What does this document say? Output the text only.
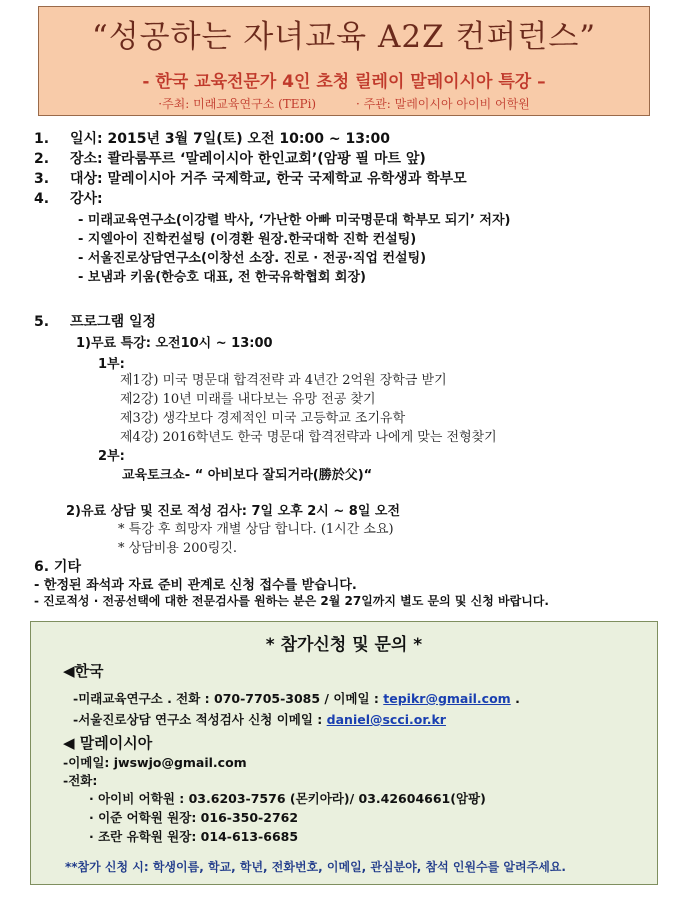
“성공하는 자녀교육 A2Z 컨퍼런스”
- 한국 교육전문가 4인 초청 릴레이 말레이시아 특강 –
·주최: 미래교육연구소 (TEPi)	· 주관: 말레이시아 아이비 어학원
1. 일시: 2015년 3월 7일(토) 오전 10:00 ~ 13:00
2. 장소: 콸라룸푸르 ‘말레이시아 한인교회’(암팡 필 마트 앞)
3. 대상: 말레이시아 거주 국제학교, 한국 국제학교 유학생과 학부모
4. 강사:
- 미래교육연구소(이강렬 박사, ‘가난한 아빠 미국명문대 학부모 되기’ 저자)
- 지엘아이 진학컨설팅 (이경환 원장.한국대학 진학 컨설팅)
- 서울진로상담연구소(이창선 소장. 진로 · 전공·직업 컨설팅)
- 보냄과 키움(한승호 대표, 전 한국유학협회 회장)
5. 프로그램 일정
1)무료 특강: 오전10시 ~ 13:00
1부:
제1강) 미국 명문대 합격전략 과 4년간 2억원 장학금 받기
제2강) 10년 미래를 내다보는 유망 전공 찾기
제3강) 생각보다 경제적인 미국 고등학교 조기유학
제4강) 2016학년도 한국 명문대 합격전략과 나에게 맞는 전형찾기
2부:
교육토크쇼- “ 아비보다 잘되거라(勝於父)“
2)유료 상담 및 진로 적성 검사: 7일 오후 2시 ~ 8일 오전
* 특강 후 희망자 개별 상담 합니다. (1시간 소요)
* 상담비용 200링깃.
6. 기타
- 한정된 좌석과 자료 준비 관계로 신청 접수를 받습니다.
- 진로적성 · 전공선택에 대한 전문검사를 원하는 분은 2월 27일까지 별도 문의 및 신청 바랍니다.
* 참가신청 및 문의 *
◀한국
-미래교육연구소 . 전화 : 070-7705-3085 / 이메일 : tepikr@gmail.com .
-서울진로상담 연구소 적성검사 신청 이메일 : daniel@scci.or.kr
◀ 말레이시아
-이메일: jwswjo@gmail.com
-전화:
· 아이비 어학원 : 03.6203-7576 (몬키아라)/ 03.42604661(암팡)
· 이준 어학원 원장: 016-350-2762
· 조란 유학원 원장: 014-613-6685
**참가 신청 시: 학생이름, 학교, 학년, 전화번호, 이메일, 관심분야, 참석 인원수를 알려주세요.
